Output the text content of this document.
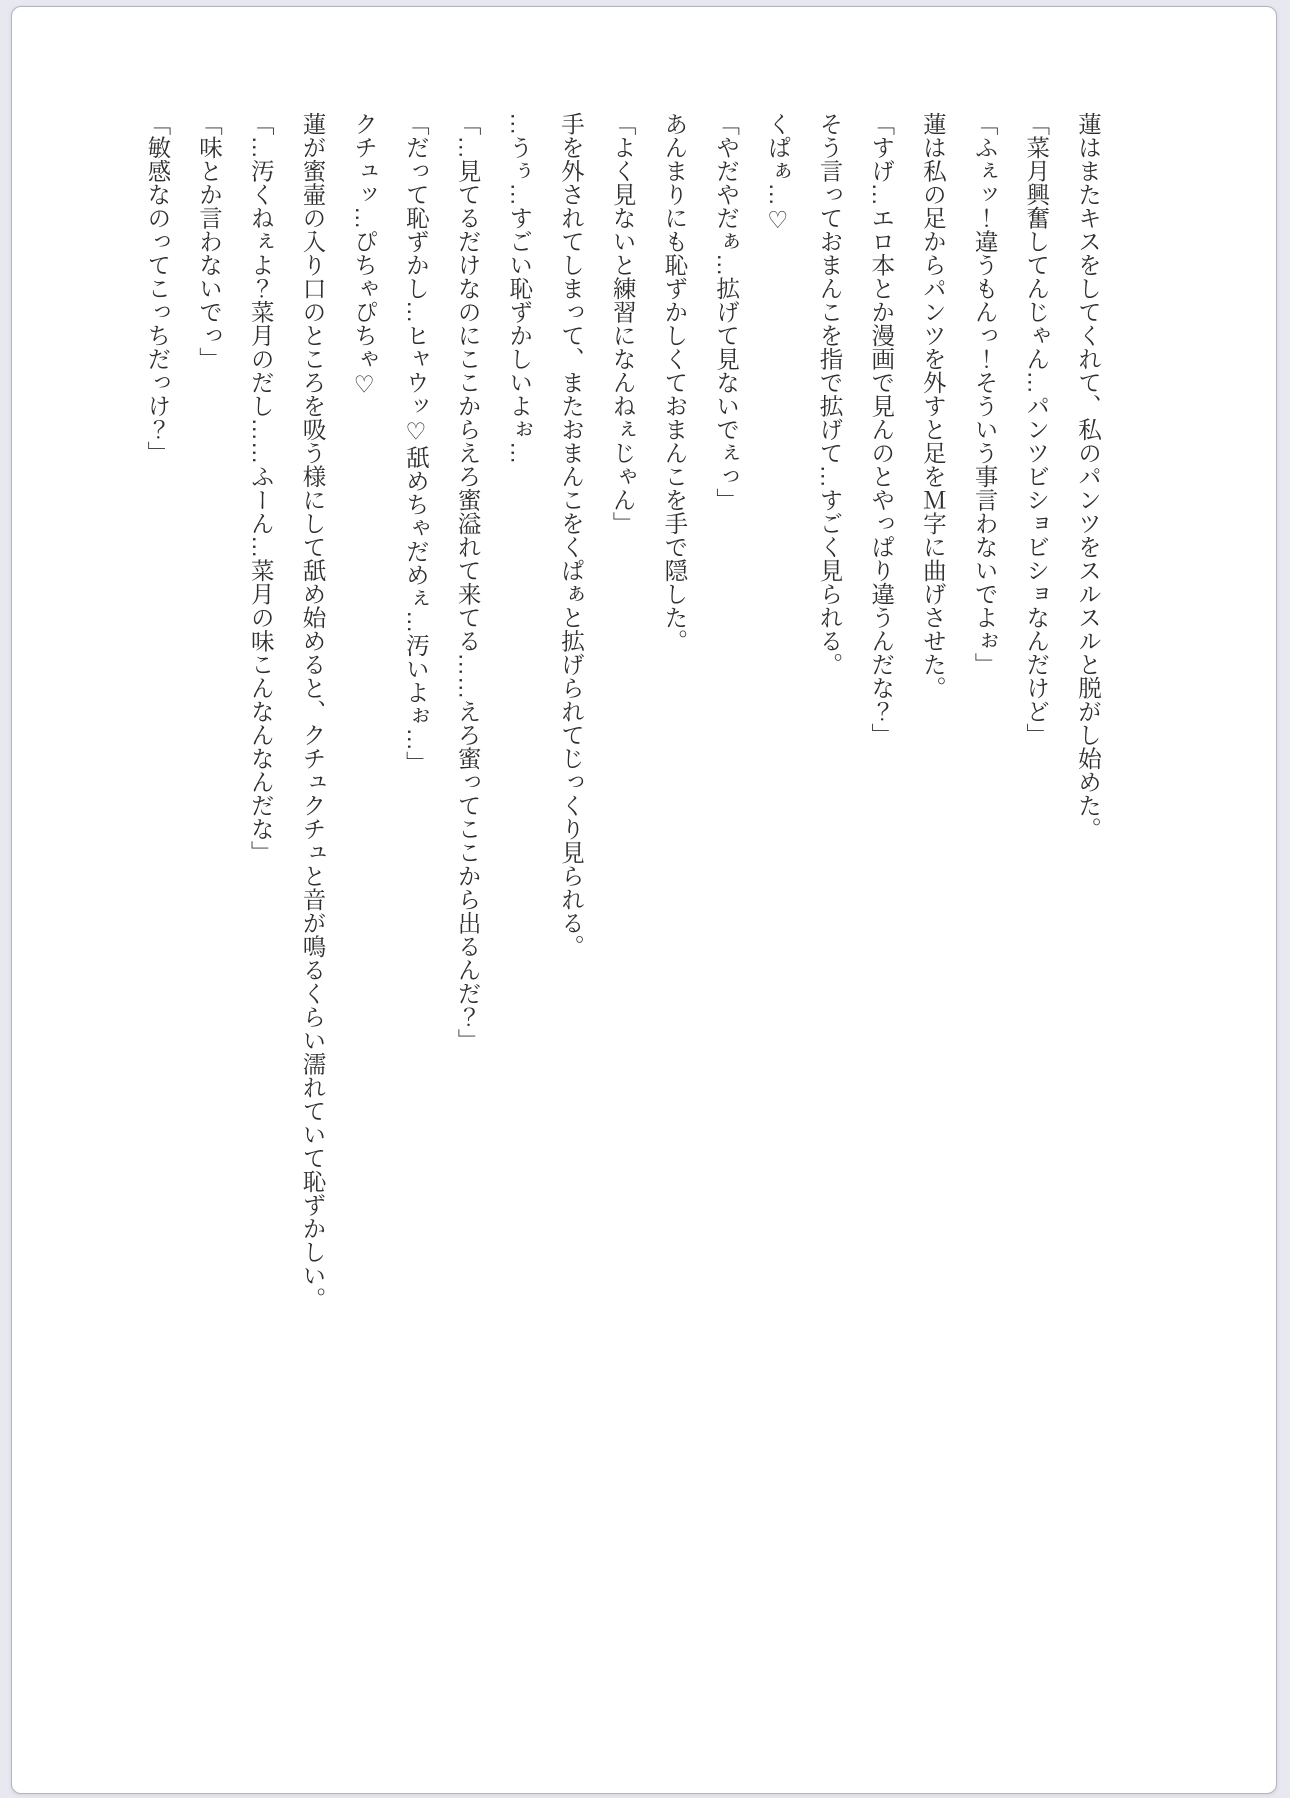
蓮はまたキスをしてくれて、私のパンツをスルスルと脱がし始めた。

「菜月興奮してんじゃん…パンツビショビショなんだけど」

「ふぇッ！違うもんっ！そういう事言わないでよぉ」

蓮は私の足からパンツを外すと足をＭ字に曲げさせた。

「すげ…エロ本とか漫画で見んのとやっぱり違うんだな？」

そう言っておまんこを指で拡げて…すごく見られる。

くぱぁ…♡

「やだやだぁ…拡げて見ないでぇっ」

あんまりにも恥ずかしくておまんこを手で隠した。

「よく見ないと練習になんねぇじゃん」

手を外されてしまって、またおまんこをくぱぁと拡げられてじっくり見られる。

…うぅ…すごい恥ずかしいよぉ…

「…見てるだけなのにここからえろ蜜溢れて来てる……えろ蜜ってここから出るんだ？」

「だって恥ずかし…ヒャウッ♡舐めちゃだめぇ…汚いよぉ…」

クチュッ…ぴちゃぴちゃ♡

蓮が蜜壷の入り口のところを吸う様にして舐め始めると、クチュクチュと音が鳴るくらい濡れていて恥ずかしい。

「…汚くねぇよ？菜月のだし……ふーん…菜月の味こんなんなんだな」

「味とか言わないでっ」

「敏感なのってこっちだっけ？」
